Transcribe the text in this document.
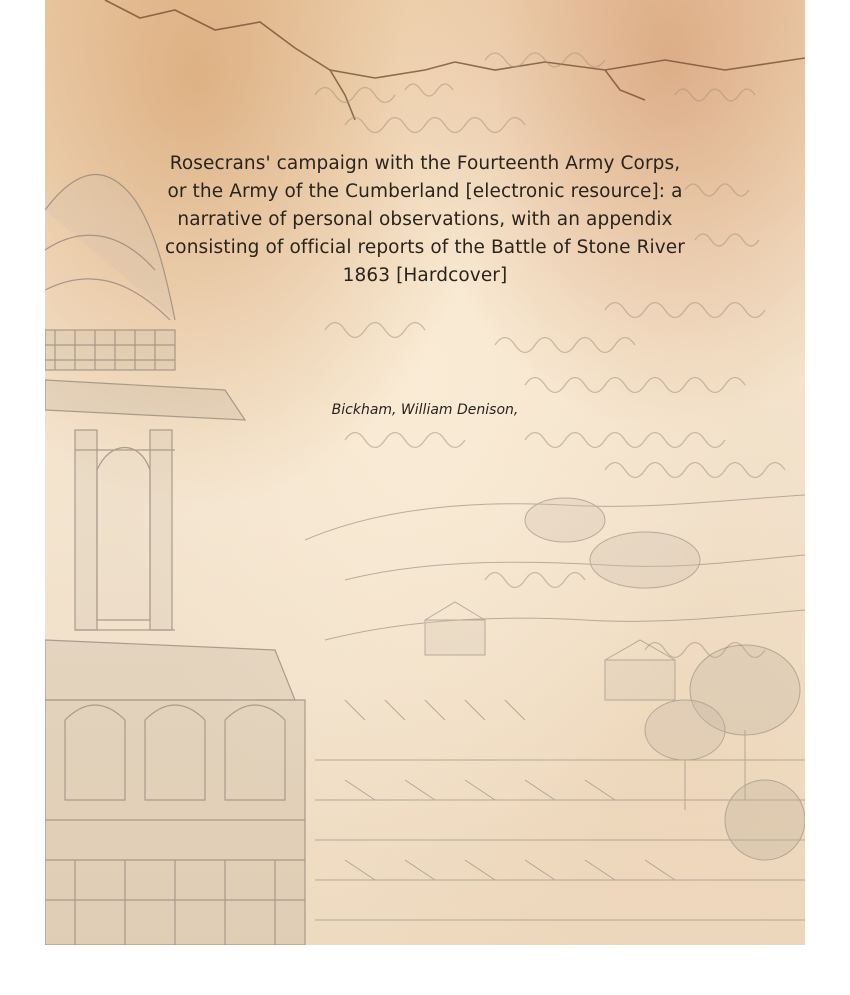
Rosecrans' campaign with the Fourteenth Army Corps,
or the Army of the Cumberland [electronic resource]: a
narrative of personal observations, with an appendix
consisting of official reports of the Battle of Stone River
1863 [Hardcover]
Bickham, William Denison,
